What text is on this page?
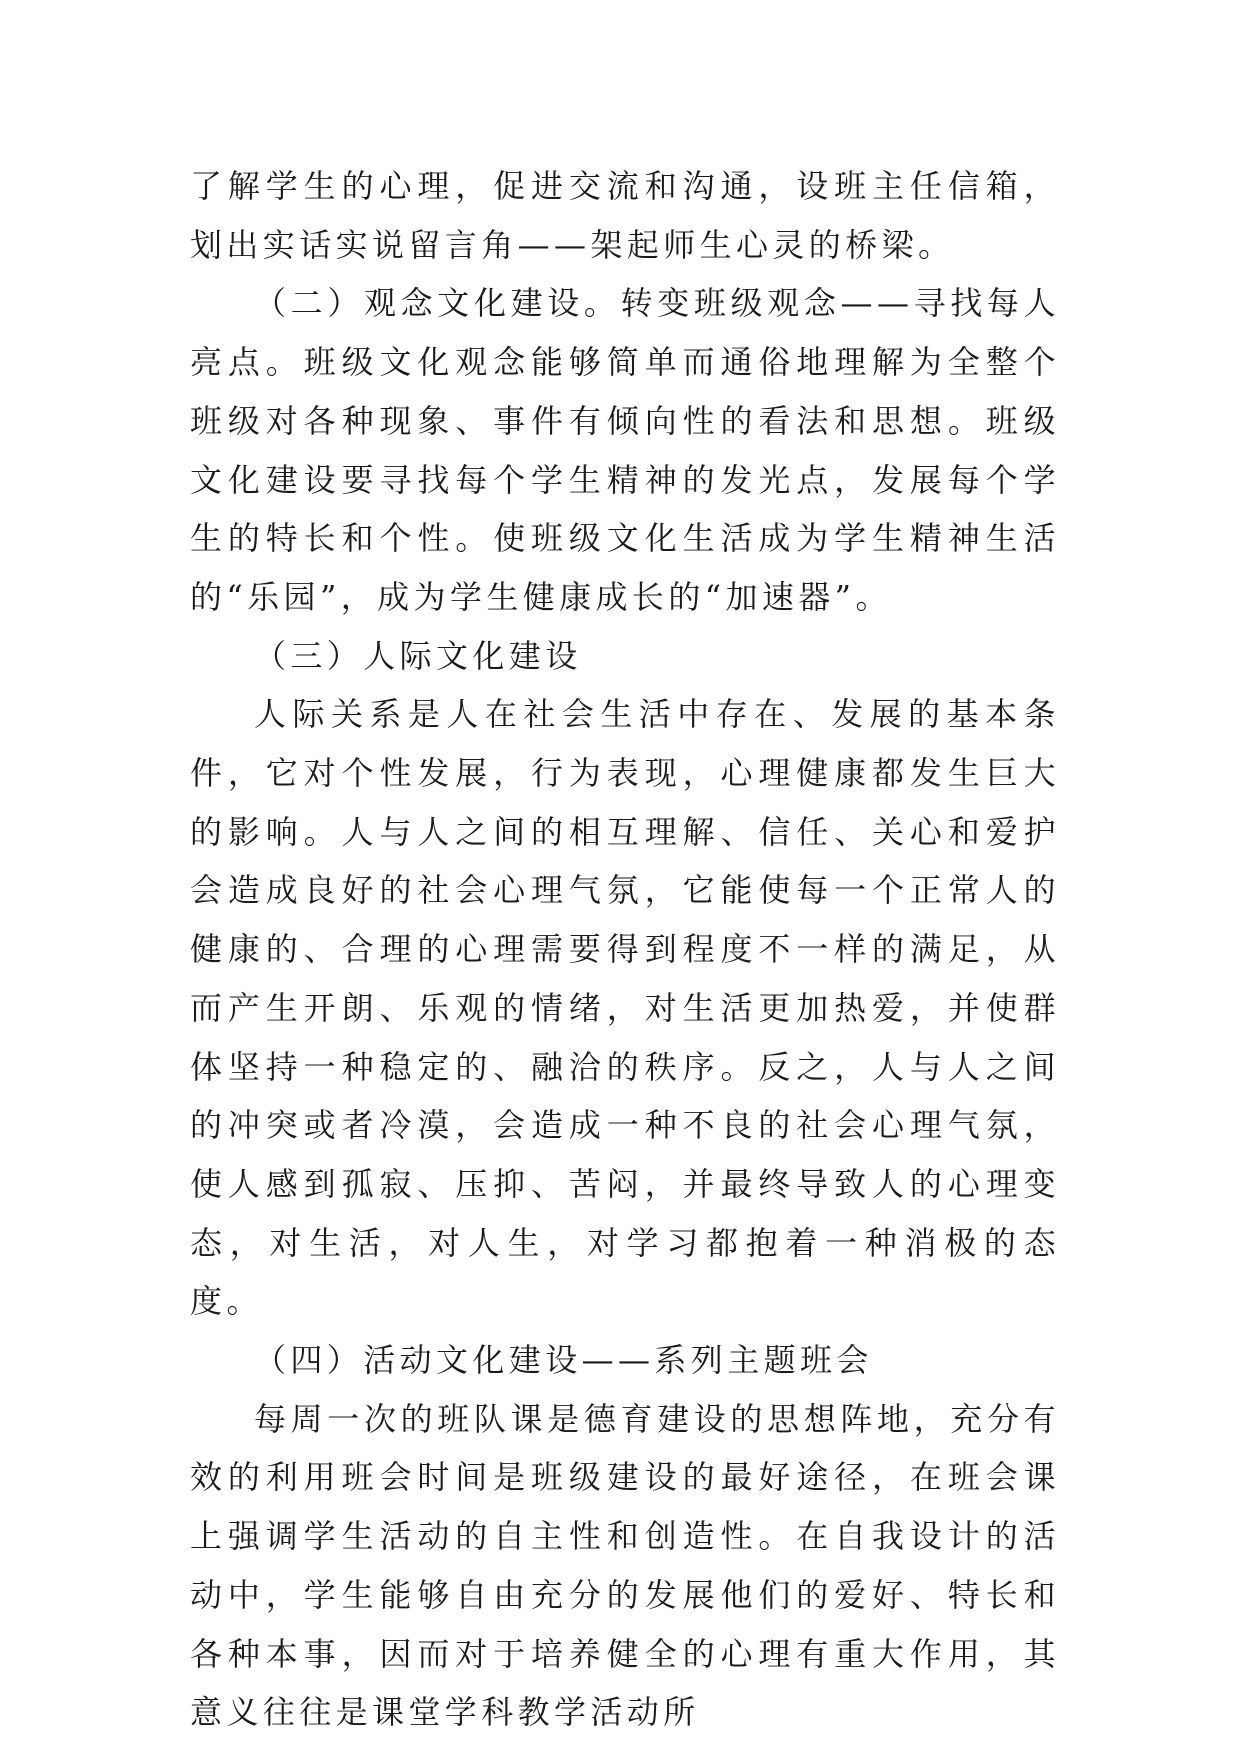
了解学生的心理，促进交流和沟通，设班主任信箱，划出实话实说留言角——架起师生心灵的桥梁。

（二）观念文化建设。转变班级观念——寻找每人亮点。班级文化观念能够简单而通俗地理解为全整个班级对各种现象、事件有倾向性的看法和思想。班级文化建设要寻找每个学生精神的发光点，发展每个学生的特长和个性。使班级文化生活成为学生精神生活的“乐园”，成为学生健康成长的“加速器”。

（三）人际文化建设

人际关系是人在社会生活中存在、发展的基本条件，它对个性发展，行为表现，心理健康都发生巨大的影响。人与人之间的相互理解、信任、关心和爱护会造成良好的社会心理气氛，它能使每一个正常人的健康的、合理的心理需要得到程度不一样的满足，从而产生开朗、乐观的情绪，对生活更加热爱，并使群体坚持一种稳定的、融洽的秩序。反之，人与人之间的冲突或者冷漠，会造成一种不良的社会心理气氛，使人感到孤寂、压抑、苦闷，并最终导致人的心理变态，对生活，对人生，对学习都抱着一种消极的态度。

（四）活动文化建设——系列主题班会

每周一次的班队课是德育建设的思想阵地，充分有效的利用班会时间是班级建设的最好途径，在班会课上强调学生活动的自主性和创造性。在自我设计的活动中，学生能够自由充分的发展他们的爱好、特长和各种本事，因而对于培养健全的心理有重大作用，其意义往往是课堂学科教学活动所
